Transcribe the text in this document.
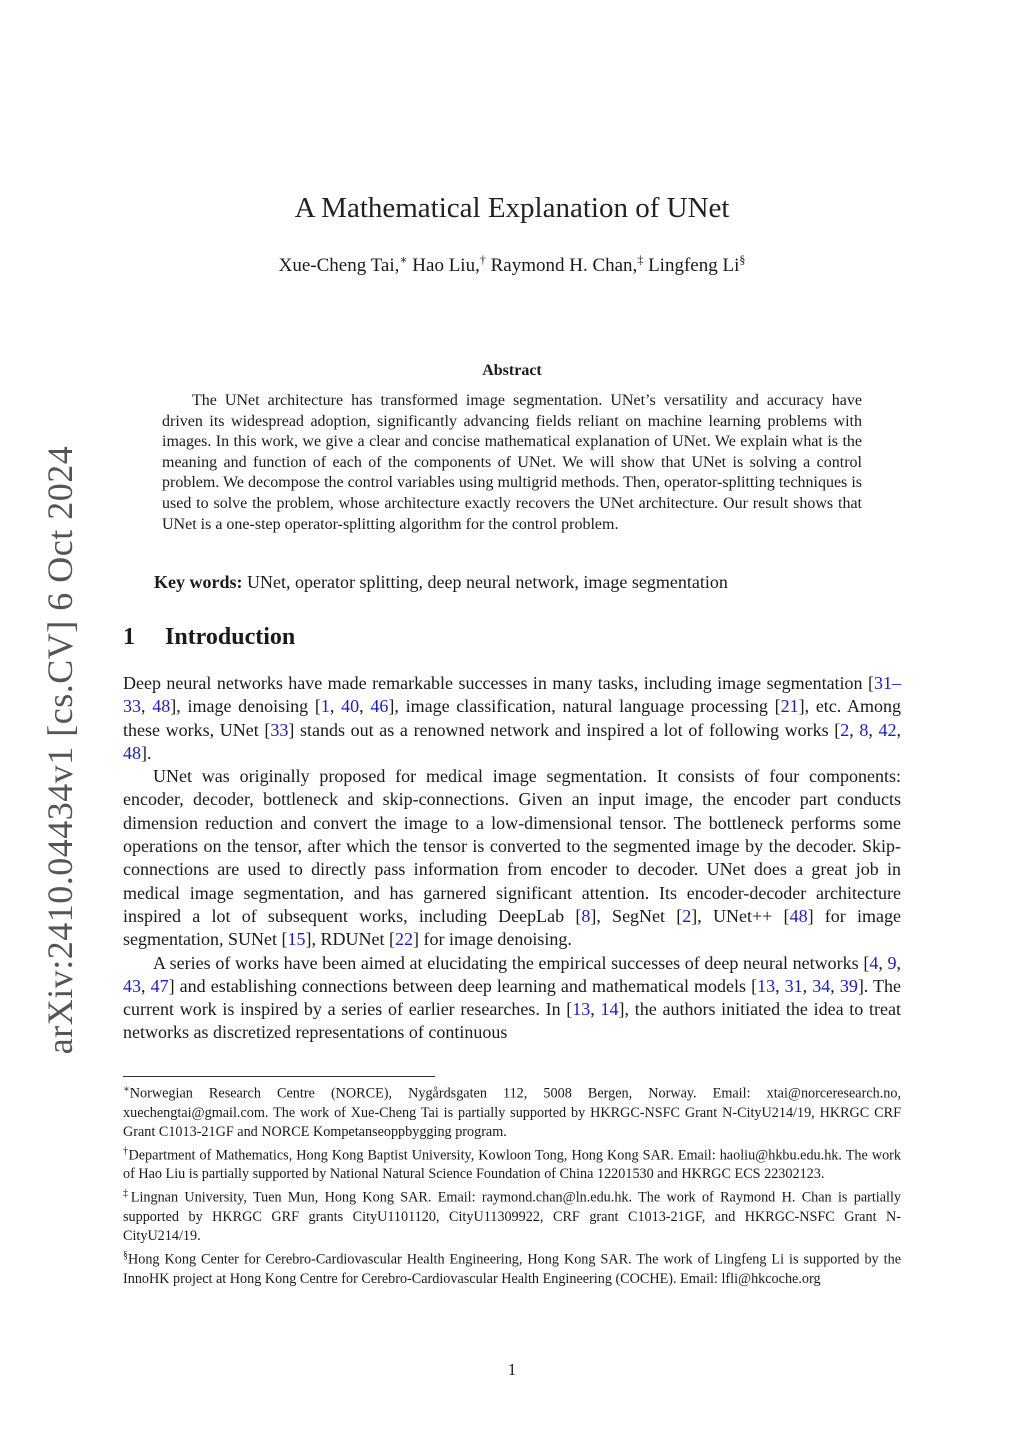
arXiv:2410.04434v1 [cs.CV] 6 Oct 2024
A Mathematical Explanation of UNet
Xue-Cheng Tai,∗ Hao Liu,† Raymond H. Chan,‡ Lingfeng Li§
Abstract

The UNet architecture has transformed image segmentation. UNet’s versatility and accuracy have driven its widespread adoption, significantly advancing fields reliant on machine learning problems with images. In this work, we give a clear and concise mathematical explanation of UNet. We explain what is the meaning and function of each of the components of UNet. We will show that UNet is solving a control problem. We decompose the control variables using multigrid methods. Then, operator-splitting techniques is used to solve the problem, whose architecture exactly recovers the UNet architecture. Our result shows that UNet is a one-step operator-splitting algorithm for the control problem.

Key words: UNet, operator splitting, deep neural network, image segmentation
1 Introduction

Deep neural networks have made remarkable successes in many tasks, including image segmentation [31–33, 48], image denoising [1, 40, 46], image classification, natural language processing [21], etc. Among these works, UNet [33] stands out as a renowned network and inspired a lot of following works [2, 8, 42, 48].

UNet was originally proposed for medical image segmentation. It consists of four components: encoder, decoder, bottleneck and skip-connections. Given an input image, the encoder part conducts dimension reduction and convert the image to a low-dimensional tensor. The bottleneck performs some operations on the tensor, after which the tensor is converted to the segmented image by the decoder. Skip-connections are used to directly pass information from encoder to decoder. UNet does a great job in medical image segmentation, and has garnered significant attention. Its encoder-decoder architecture inspired a lot of subsequent works, including DeepLab [8], SegNet [2], UNet++ [48] for image segmentation, SUNet [15], RDUNet [22] for image denoising.

A series of works have been aimed at elucidating the empirical successes of deep neural networks [4, 9, 43, 47] and establishing connections between deep learning and mathematical models [13, 31, 34, 39]. The current work is inspired by a series of earlier researches. In [13, 14], the authors initiated the idea to treat networks as discretized representations of continuous

∗Norwegian Research Centre (NORCE), Nygårdsgaten 112, 5008 Bergen, Norway. Email: xtai@norceresearch.no, xuechengtai@gmail.com. The work of Xue-Cheng Tai is partially supported by HKRGC-NSFC Grant N-CityU214/19, HKRGC CRF Grant C1013-21GF and NORCE Kompetanseoppbygging program.

†Department of Mathematics, Hong Kong Baptist University, Kowloon Tong, Hong Kong SAR. Email: haoliu@hkbu.edu.hk. The work of Hao Liu is partially supported by National Natural Science Foundation of China 12201530 and HKRGC ECS 22302123.

‡Lingnan University, Tuen Mun, Hong Kong SAR. Email: raymond.chan@ln.edu.hk. The work of Raymond H. Chan is partially supported by HKRGC GRF grants CityU1101120, CityU11309922, CRF grant C1013-21GF, and HKRGC-NSFC Grant N-CityU214/19.

§Hong Kong Center for Cerebro-Cardiovascular Health Engineering, Hong Kong SAR. The work of Lingfeng Li is supported by the InnoHK project at Hong Kong Centre for Cerebro-Cardiovascular Health Engineering (COCHE). Email: lfli@hkcoche.org

1
